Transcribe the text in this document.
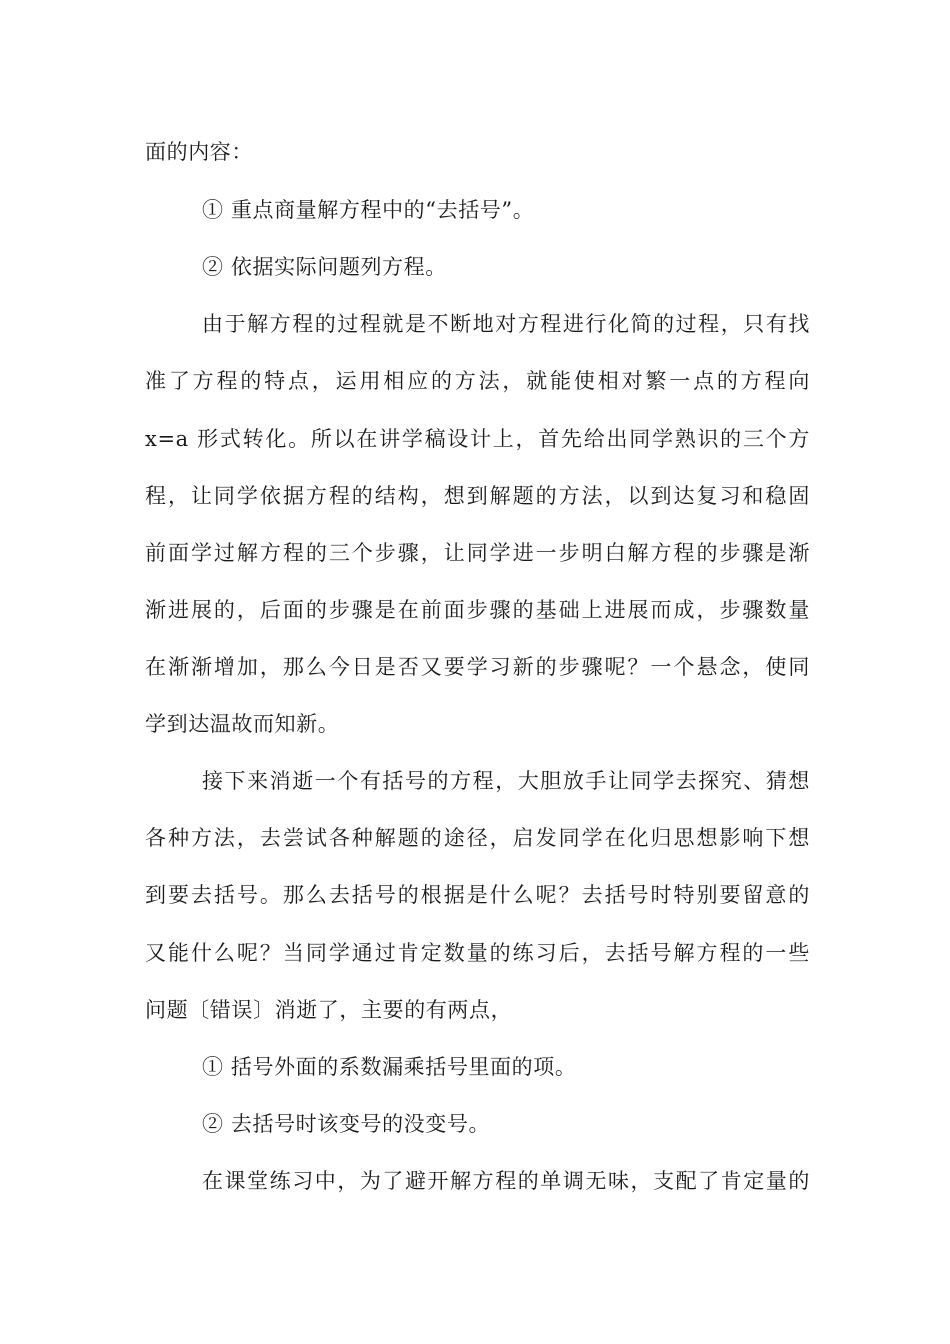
面的内容：
① 重点商量解方程中的“去括号”。
② 依据实际问题列方程。
由于解方程的过程就是不断地对方程进行化简的过程，只有找
准了方程的特点，运用相应的方法，就能使相对繁一点的方程向
x=a 形式转化。所以在讲学稿设计上，首先给出同学熟识的三个方
程，让同学依据方程的结构，想到解题的方法，以到达复习和稳固
前面学过解方程的三个步骤，让同学进一步明白解方程的步骤是渐
渐进展的，后面的步骤是在前面步骤的基础上进展而成，步骤数量
在渐渐增加，那么今日是否又要学习新的步骤呢？一个悬念，使同
学到达温故而知新。
接下来消逝一个有括号的方程，大胆放手让同学去探究、猜想
各种方法，去尝试各种解题的途径，启发同学在化归思想影响下想
到要去括号。那么去括号的根据是什么呢？去括号时特别要留意的
又能什么呢？当同学通过肯定数量的练习后，去括号解方程的一些
问题〔错误〕消逝了，主要的有两点，
① 括号外面的系数漏乘括号里面的项。
② 去括号时该变号的没变号。
在课堂练习中，为了避开解方程的单调无味，支配了肯定量的
